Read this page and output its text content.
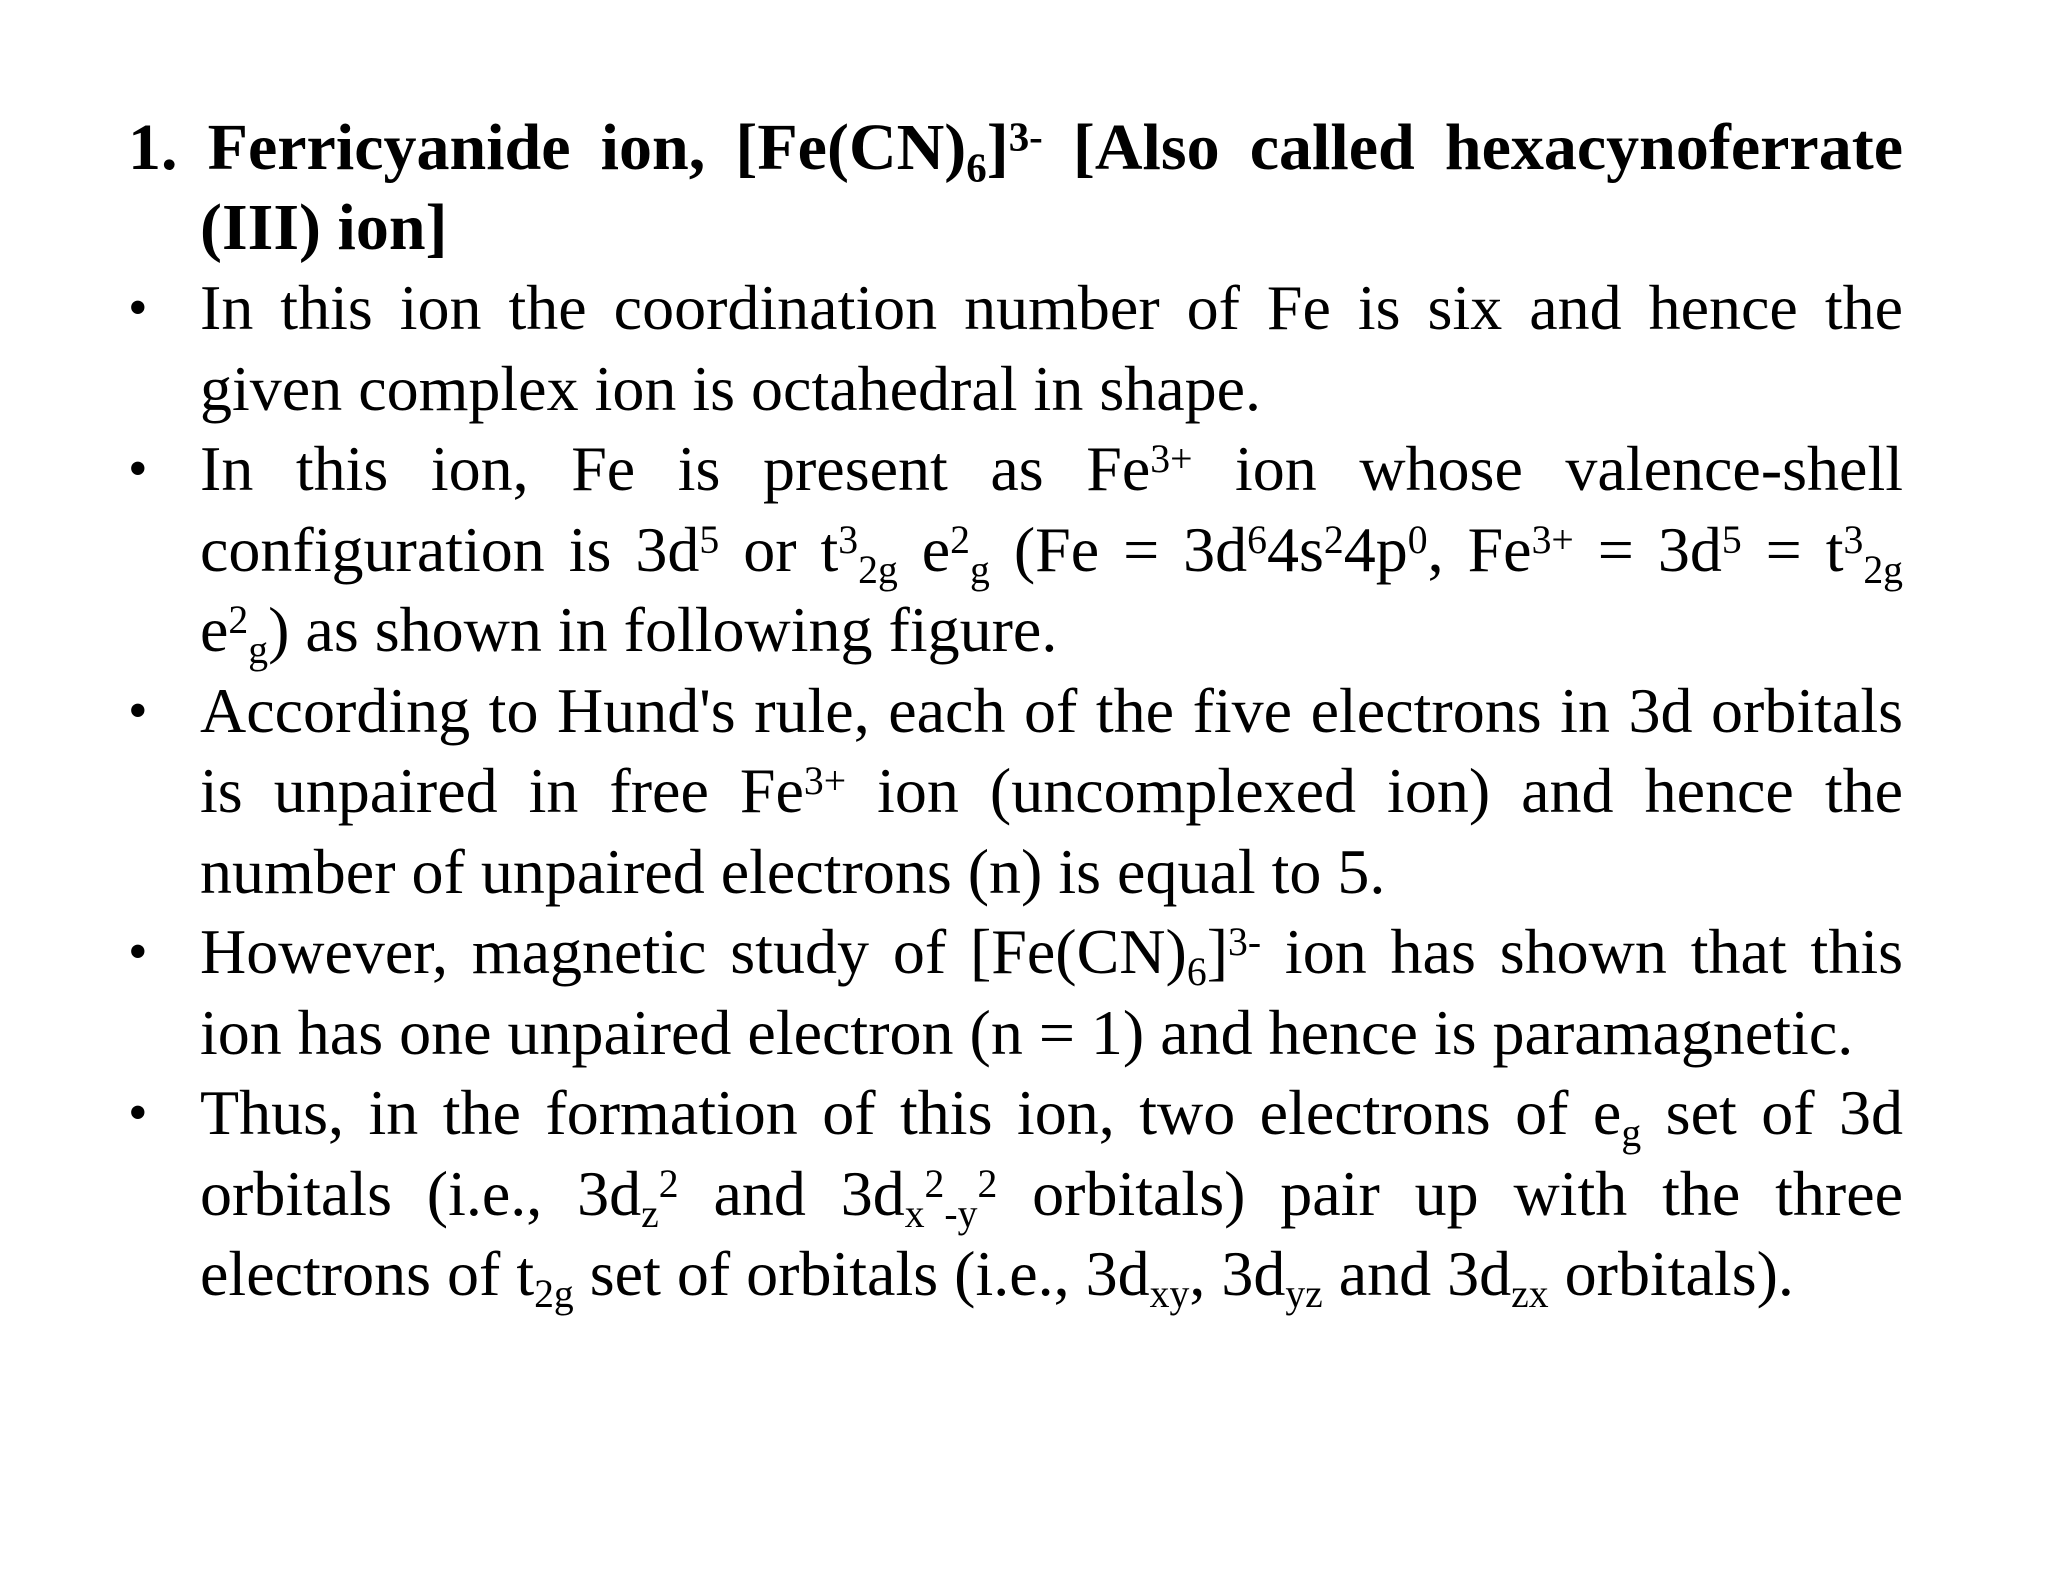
1. Ferricyanide ion, $[Fe(CN)6]^{3-}$ [Also called hexacynoferrate (III) ion]

• In this ion the coordination number of Fe is six and hence the given complex ion is octahedral in shape.
• In this ion, Fe is present as $Fe^{3+}$ ion whose valence-shell configuration is $3d^5$ or $t^3_{2g}$ $e^2_g$ ($Fe = 3d^64s^24p^0$, $Fe^{3+} = 3d^5 = t^3_{2g}$ $e^2_g$) as shown in following figure.
• According to Hund's rule, each of the five electrons in 3d orbitals is unpaired in free $Fe^{3+}$ ion (uncomplexed ion) and hence the number of unpaired electrons (n) is equal to 5.
• However, magnetic study of $[Fe(CN)_6]^{3-}$ ion has shown that this ion has one unpaired electron (n = 1) and hence is paramagnetic.
• Thus, in the formation of this ion, two electrons of $e_g$ set of 3d orbitals (i.e., $3d_z^2$ and $3d_x^2_{-y}^2$ orbitals) pair up with the three electrons of $t_{2g}$ set of orbitals (i.e., $3d_{xy}$, $3d_{yz}$ and $3d_{zx}$ orbitals).
